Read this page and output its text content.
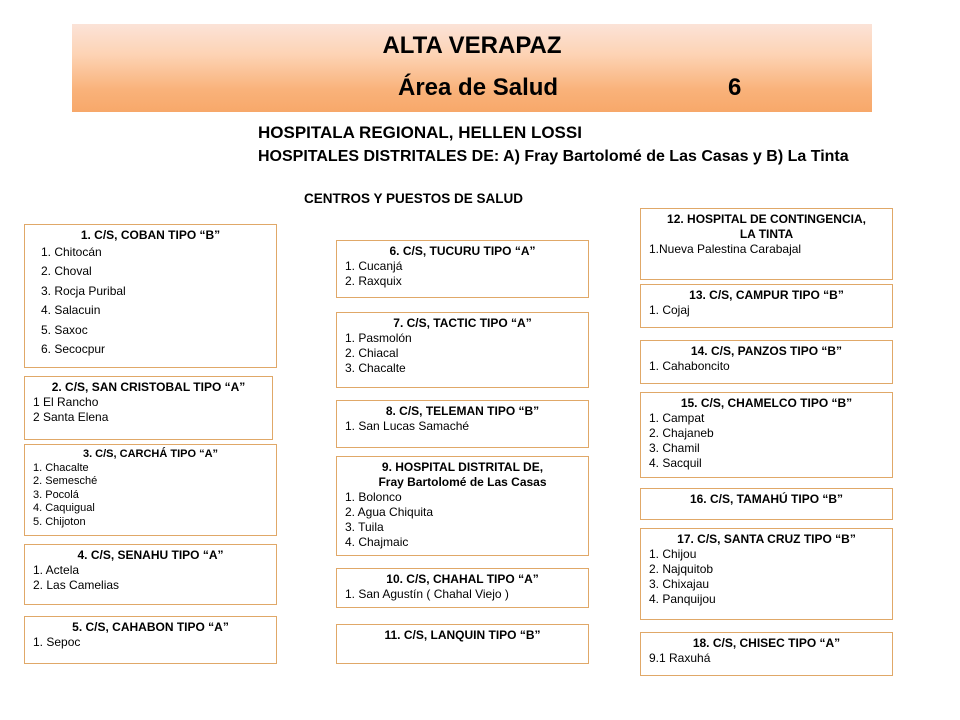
ALTA VERAPAZ
Área de Salud	6
HOSPITALA REGIONAL, HELLEN LOSSI
HOSPITALES DISTRITALES DE: A) Fray Bartolomé de Las Casas y B) La Tinta
CENTROS Y PUESTOS DE SALUD
1. C/S, COBAN TIPO “B”
1. Chitocán
2. Choval
3. Rocja Puribal
4. Salacuin
5. Saxoc
6. Secocpur
2. C/S, SAN CRISTOBAL TIPO “A”
1 El Rancho
2 Santa Elena
3. C/S, CARCHÁ TIPO “A”
1. Chacalte
2. Semesché
3. Pocolá
4. Caquigual
5. Chijoton
4. C/S, SENAHU TIPO “A”
1. Actela
2. Las Camelias
5. C/S, CAHABON TIPO “A”
1. Sepoc
6. C/S, TUCURU TIPO “A”
1. Cucanjá
2. Raxquix
7. C/S, TACTIC TIPO “A”
1. Pasmolón
2. Chiacal
3. Chacalte
8. C/S, TELEMAN TIPO “B”
1. San Lucas Samaché
9. HOSPITAL DISTRITAL DE,
Fray Bartolomé de Las Casas
1. Bolonco
2. Agua Chiquita
3. Tuila
4. Chajmaic
10. C/S, CHAHAL TIPO “A”
1. San Agustín ( Chahal Viejo )
11. C/S, LANQUIN TIPO “B”
12. HOSPITAL DE CONTINGENCIA,
LA TINTA
1.Nueva Palestina Carabajal
13. C/S, CAMPUR TIPO “B”
1. Cojaj
14. C/S, PANZOS TIPO “B”
1. Cahaboncito
15. C/S, CHAMELCO TIPO “B”
1. Campat
2. Chajaneb
3. Chamil
4. Sacquil
16. C/S, TAMAHÚ TIPO “B”
17. C/S, SANTA CRUZ TIPO “B”
1. Chijou
2. Najquitob
3. Chixajau
4. Panquijou
18. C/S, CHISEC TIPO “A”
9.1 Raxuhá
